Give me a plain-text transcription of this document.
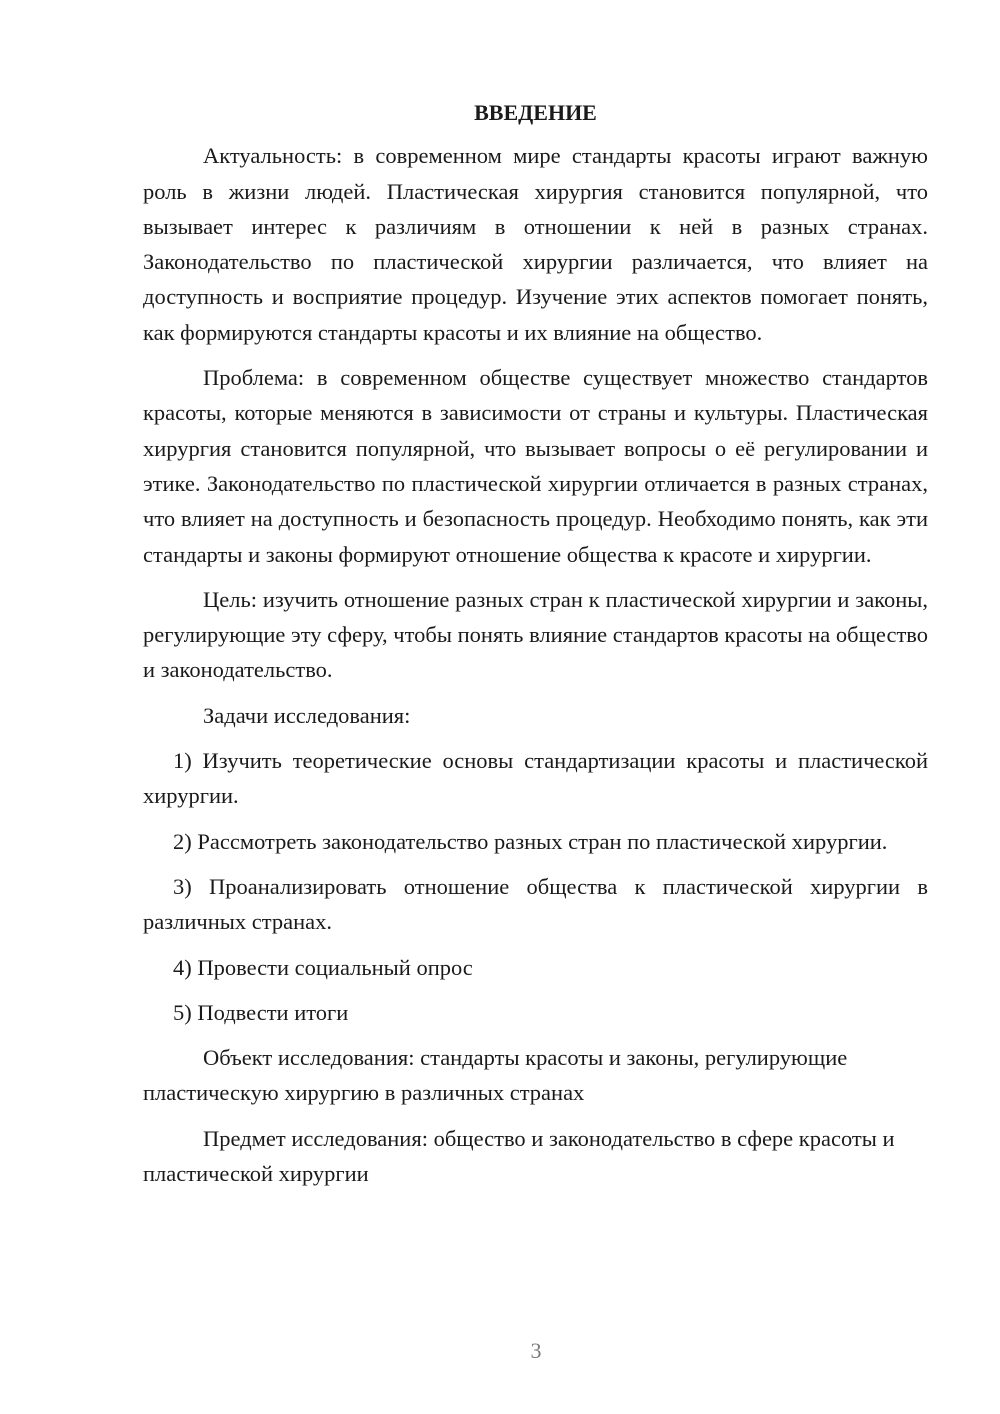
ВВЕДЕНИЕ

Актуальность: в современном мире стандарты красоты играют важную роль в жизни людей. Пластическая хирургия становится популярной, что вызывает интерес к различиям в отношении к ней в разных странах. Законодательство по пластической хирургии различается, что влияет на доступность и восприятие процедур. Изучение этих аспектов помогает понять, как формируются стандарты красоты и их влияние на общество.

Проблема: в современном обществе существует множество стандартов красоты, которые меняются в зависимости от страны и культуры. Пластическая хирургия становится популярной, что вызывает вопросы о её регулировании и этике. Законодательство по пластической хирургии отличается в разных странах, что влияет на доступность и безопасность процедур. Необходимо понять, как эти стандарты и законы формируют отношение общества к красоте и хирургии.

Цель: изучить отношение разных стран к пластической хирургии и законы, регулирующие эту сферу, чтобы понять влияние стандартов красоты на общество и законодательство.

Задачи исследования:

1) Изучить теоретические основы стандартизации красоты и пластической хирургии.

2) Рассмотреть законодательство разных стран по пластической хирургии.

3) Проанализировать отношение общества к пластической хирургии в различных странах.

4) Провести социальный опрос

5) Подвести итоги

Объект исследования: стандарты красоты и законы, регулирующие пластическую хирургию в различных странах

Предмет исследования: общество и законодательство в сфере красоты и пластической хирургии

3
